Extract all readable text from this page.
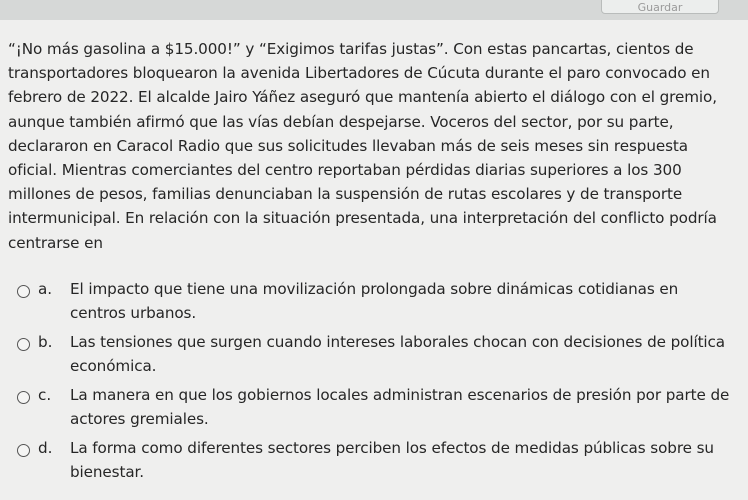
Guardar
“¡No más gasolina a $15.000!” y “Exigimos tarifas justas”. Con estas pancartas, cientos de transportadores bloquearon la avenida Libertadores de Cúcuta durante el paro convocado en febrero de 2022. El alcalde Jairo Yáñez aseguró que mantenía abierto el diálogo con el gremio, aunque también afirmó que las vías debían despejarse. Voceros del sector, por su parte, declararon en Caracol Radio que sus solicitudes llevaban más de seis meses sin respuesta oficial. Mientras comerciantes del centro reportaban pérdidas diarias superiores a los 300 millones de pesos, familias denunciaban la suspensión de rutas escolares y de transporte intermunicipal. En relación con la situación presentada, una interpretación del conflicto podría centrarse en
a. El impacto que tiene una movilización prolongada sobre dinámicas cotidianas en centros urbanos.
b. Las tensiones que surgen cuando intereses laborales chocan con decisiones de política económica.
c. La manera en que los gobiernos locales administran escenarios de presión por parte de actores gremiales.
d. La forma como diferentes sectores perciben los efectos de medidas públicas sobre su bienestar.
